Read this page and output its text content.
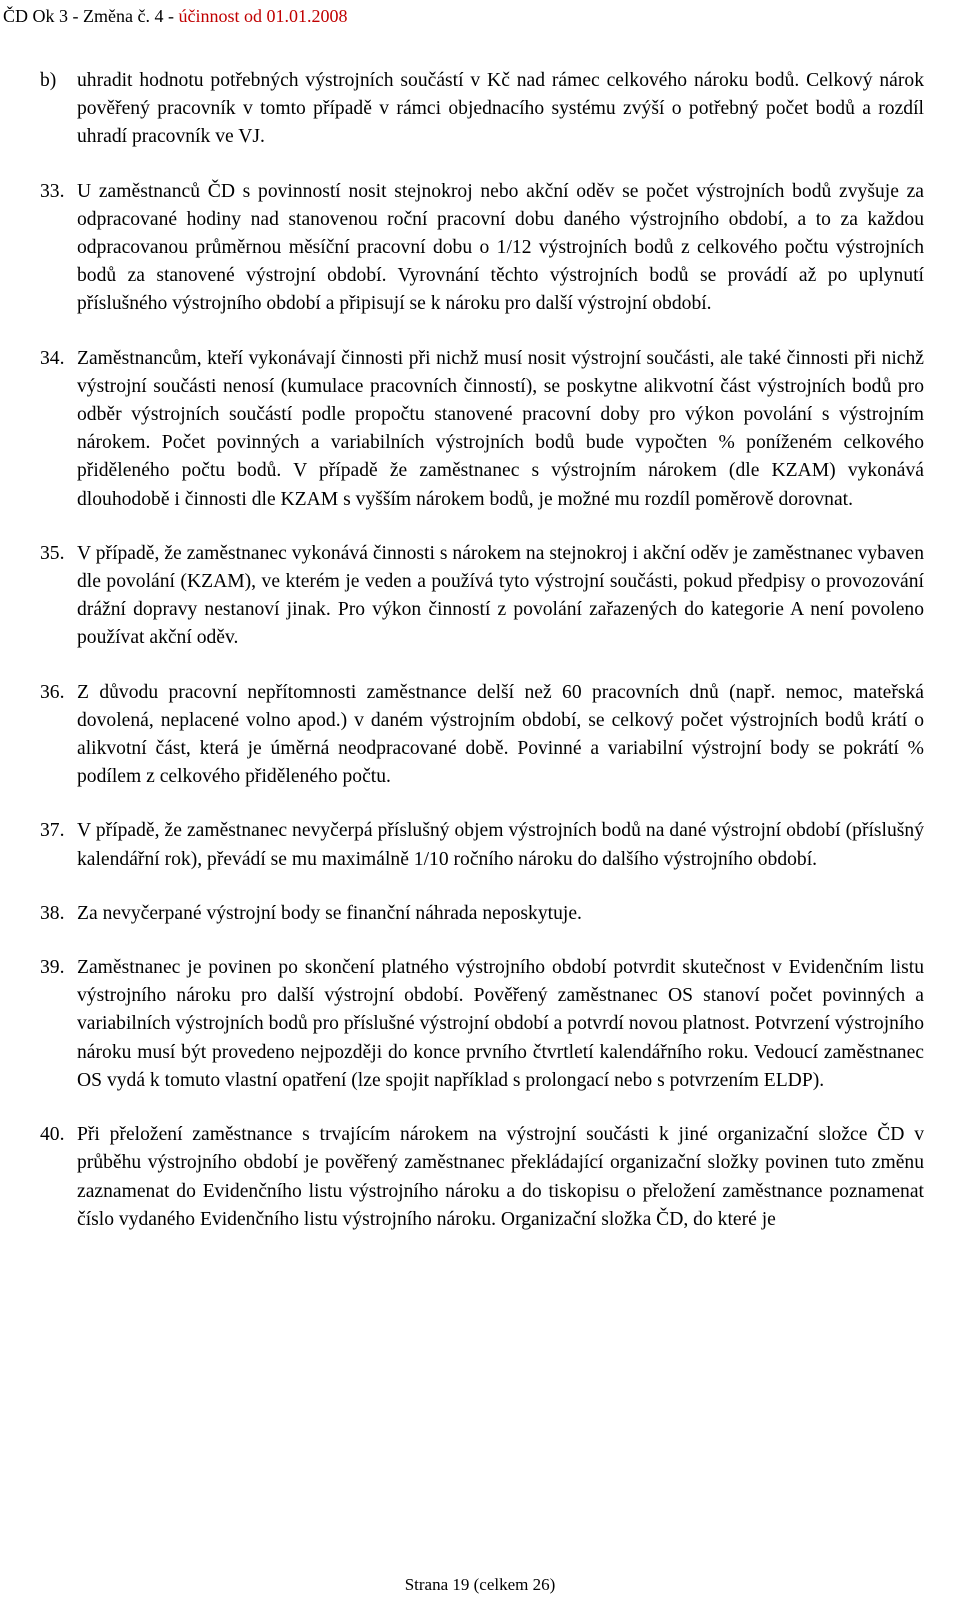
ČD Ok 3 - Změna č. 4 - účinnost od 01.01.2008
b)	uhradit hodnotu potřebných výstrojních součástí v Kč nad rámec celkového nároku bodů. Celkový nárok pověřený pracovník v tomto případě v rámci objednacího systému zvýší o potřebný počet bodů a rozdíl uhradí pracovník ve VJ.
33. U zaměstnanců ČD s povinností nosit stejnokroj nebo akční oděv se počet výstrojních bodů zvyšuje za odpracované hodiny nad stanovenou roční pracovní dobu daného výstrojního období, a to za každou odpracovanou průměrnou měsíční pracovní dobu o 1/12 výstrojních bodů z celkového počtu výstrojních bodů za stanovené výstrojní období. Vyrovnání těchto výstrojních bodů se provádí až po uplynutí příslušného výstrojního období a připisují se k nároku pro další výstrojní období.
34. Zaměstnancům, kteří vykonávají činnosti při nichž musí nosit výstrojní součásti, ale také činnosti při nichž výstrojní součásti nenosí (kumulace pracovních činností), se poskytne alikvotní část výstrojních bodů pro odběr výstrojních součástí podle propočtu stanovené pracovní doby pro výkon povolání s výstrojním nárokem. Počet povinných a variabilních výstrojních bodů bude vypočten % poníženém celkového přiděleného počtu bodů. V případě že zaměstnanec s výstrojním nárokem (dle KZAM) vykonává dlouhodobě i činnosti dle KZAM s vyšším nárokem bodů, je možné mu rozdíl poměrově dorovnat.
35. V případě, že zaměstnanec vykonává činnosti s nárokem na stejnokroj i akční oděv je zaměstnanec vybaven dle povolání (KZAM), ve kterém je veden a používá tyto výstrojní součásti, pokud předpisy o provozování drážní dopravy nestanoví jinak. Pro výkon činností z povolání zařazených do kategorie A není povoleno používat akční oděv.
36. Z důvodu pracovní nepřítomnosti zaměstnance delší než 60 pracovních dnů (např. nemoc, mateřská dovolená, neplacené volno apod.) v daném výstrojním období, se celkový počet výstrojních bodů krátí o alikvotní část, která je úměrná neodpracované době. Povinné a variabilní výstrojní body se pokrátí % podílem z celkového přiděleného počtu.
37. V případě, že zaměstnanec nevyčerpá příslušný objem výstrojních bodů na dané výstrojní období (příslušný kalendářní rok), převádí se mu maximálně 1/10 ročního nároku do dalšího výstrojního období.
38. Za nevyčerpané výstrojní body se finanční náhrada neposkytuje.
39. Zaměstnanec je povinen po skončení platného výstrojního období potvrdit skutečnost v Evidenčním listu výstrojního nároku pro další výstrojní období. Pověřený zaměstnanec OS stanoví počet povinných a variabilních výstrojních bodů pro příslušné výstrojní období a potvrdí novou platnost. Potvrzení výstrojního nároku musí být provedeno nejpozději do konce prvního čtvrtletí kalendářního roku. Vedoucí zaměstnanec OS vydá k tomuto vlastní opatření (lze spojit například s prolongací nebo s potvrzením ELDP).
40. Při přeložení zaměstnance s trvajícím nárokem na výstrojní součásti k jiné organizační složce ČD v průběhu výstrojního období je pověřený zaměstnanec překládající organizační složky povinen tuto změnu zaznamenat do Evidenčního listu výstrojního nároku a do tiskopisu o přeložení zaměstnance poznamenat číslo vydaného Evidenčního listu výstrojního nároku. Organizační složka ČD, do které je
Strana 19 (celkem 26)
